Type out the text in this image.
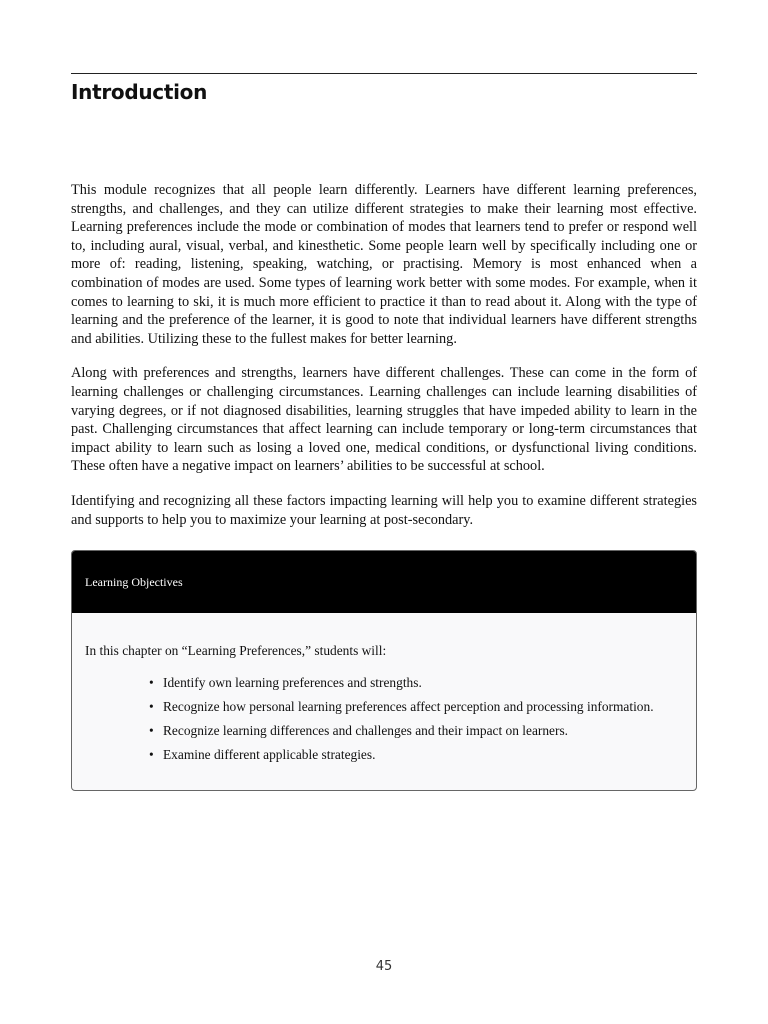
Introduction

This module recognizes that all people learn differently. Learners have different learning preferences, strengths, and challenges, and they can utilize different strategies to make their learning most effective. Learning preferences include the mode or combination of modes that learners tend to prefer or respond well to, including aural, visual, verbal, and kinesthetic. Some people learn well by specifically including one or more of: reading, listening, speaking, watching, or practising. Memory is most enhanced when a combination of modes are used. Some types of learning work better with some modes. For example, when it comes to learning to ski, it is much more efficient to practice it than to read about it. Along with the type of learning and the preference of the learner, it is good to note that individual learners have different strengths and abilities. Utilizing these to the fullest makes for better learning.

Along with preferences and strengths, learners have different challenges. These can come in the form of learning challenges or challenging circumstances. Learning challenges can include learning disabilities of varying degrees, or if not diagnosed disabilities, learning struggles that have impeded ability to learn in the past. Challenging circumstances that affect learning can include temporary or long-term circumstances that impact ability to learn such as losing a loved one, medical conditions, or dysfunctional living conditions. These often have a negative impact on learners’ abilities to be successful at school.

Identifying and recognizing all these factors impacting learning will help you to examine different strategies and supports to help you to maximize your learning at post-secondary.

Learning Objectives

In this chapter on “Learning Preferences,” students will:

• Identify own learning preferences and strengths.
• Recognize how personal learning preferences affect perception and processing information.
• Recognize learning differences and challenges and their impact on learners.
• Examine different applicable strategies.
45
